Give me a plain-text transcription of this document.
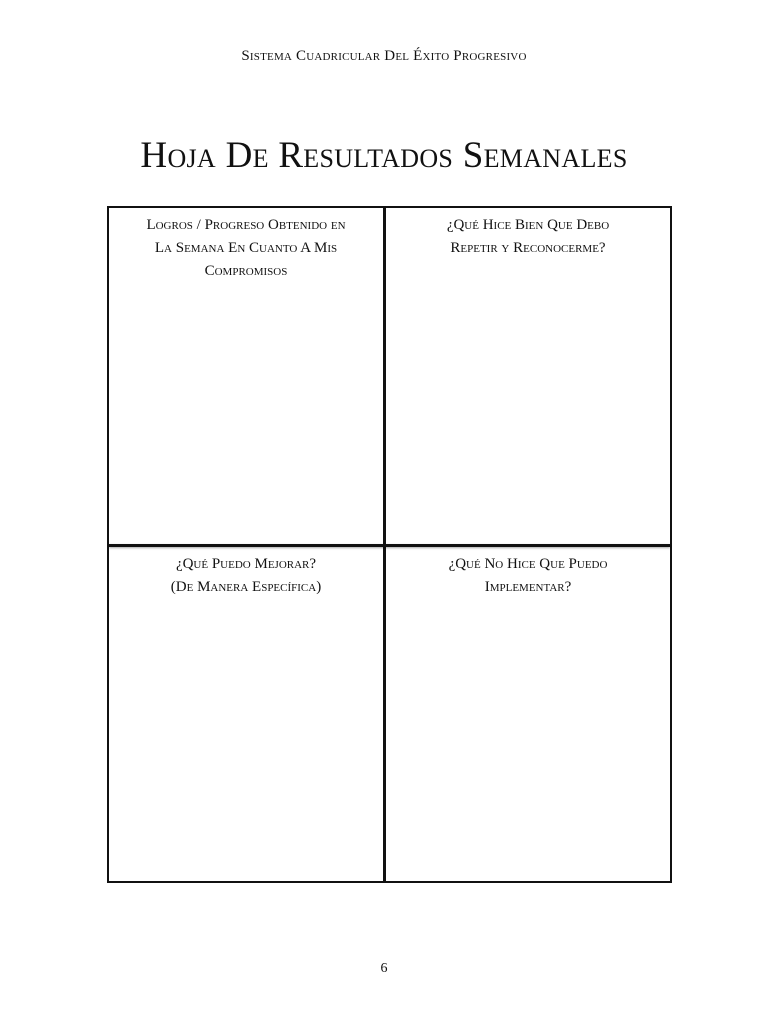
Sistema Cuadricular Del Éxito Progresivo
Hoja De Resultados Semanales
Logros / Progreso Obtenido en
La Semana En Cuanto A Mis
Compromisos
¿Qué Hice Bien Que Debo
Repetir y Reconocerme?
¿Qué Puedo Mejorar?
(De Manera Específica)
¿Qué No Hice Que Puedo
Implementar?
6
